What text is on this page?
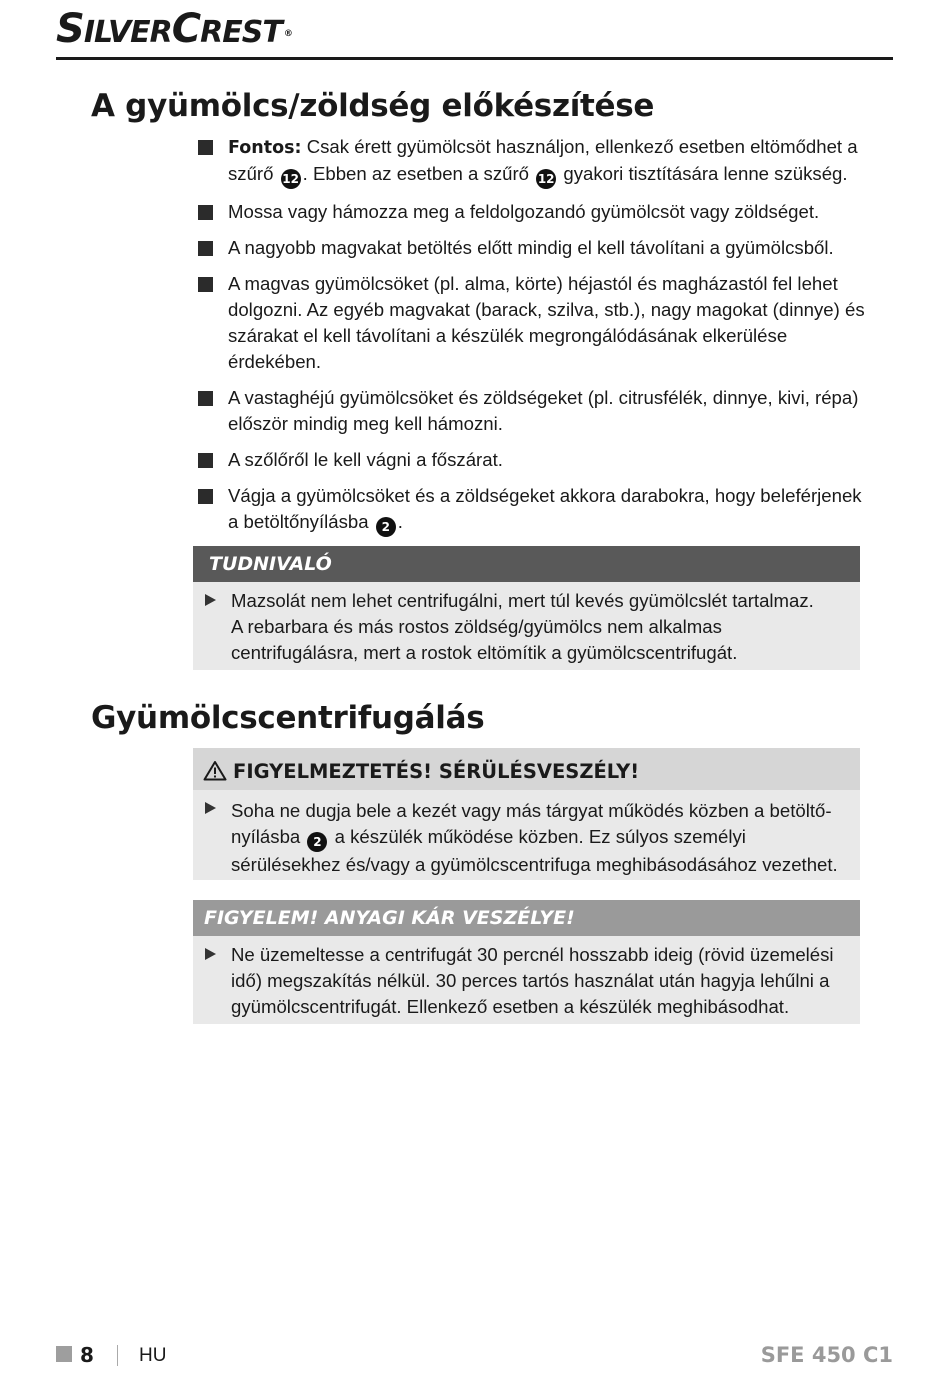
SILVERCREST ®
A gyümölcs/zöldség előkészítése
Fontos: Csak érett gyümölcsöt használjon, ellenkező esetben eltömődhet a szűrő 12 . Ebben az esetben a szűrő 12 gyakori tisztítására lenne szükség.
Mossa vagy hámozza meg a feldolgozandó gyümölcsöt vagy zöldséget.
A nagyobb magvakat betöltés előtt mindig el kell távolítani a gyümölcsből.
A magvas gyümölcsöket (pl. alma, körte) héjastól és magházastól fel lehet dolgozni. Az egyéb magvakat (barack, szilva, stb.), nagy magokat (dinnye) és szárakat el kell távolítani a készülék megrongálódásának elkerülése érdekében.
A vastaghéjú gyümölcsöket és zöldségeket (pl. citrusfélék, dinnye, kivi, répa) először mindig meg kell hámozni.
A szőlőről le kell vágni a főszárat.
Vágja a gyümölcsöket és a zöldségeket akkora darabokra, hogy beleférjenek a betöltőnyílásba 2 .
TUDNIVALÓ
Mazsolát nem lehet centrifugálni, mert túl kevés gyümölcslét tartalmaz.
A rebarbara és más rostos zöldség/gyümölcs nem alkalmas centrifugálásra, mert a rostok eltömítik a gyümölcscentrifugát.
Gyümölcscentrifugálás
FIGYELMEZTETÉS! SÉRÜLÉSVESZÉLY!
Soha ne dugja bele a kezét vagy más tárgyat működés közben a betöltő-nyílásba 2 a készülék működése közben. Ez súlyos személyi sérülésekhez és/vagy a gyümölcscentrifuga meghibásodásához vezethet.
FIGYELEM! ANYAGI KÁR VESZÉLYE!
Ne üzemeltesse a centrifugát 30 percnél hosszabb ideig (rövid üzemelési idő) megszakítás nélkül. 30 perces tartós használat után hagyja lehűlni a gyümölcscentrifugát. Ellenkező esetben a készülék meghibásodhat.
8 HU	SFE 450 C1
